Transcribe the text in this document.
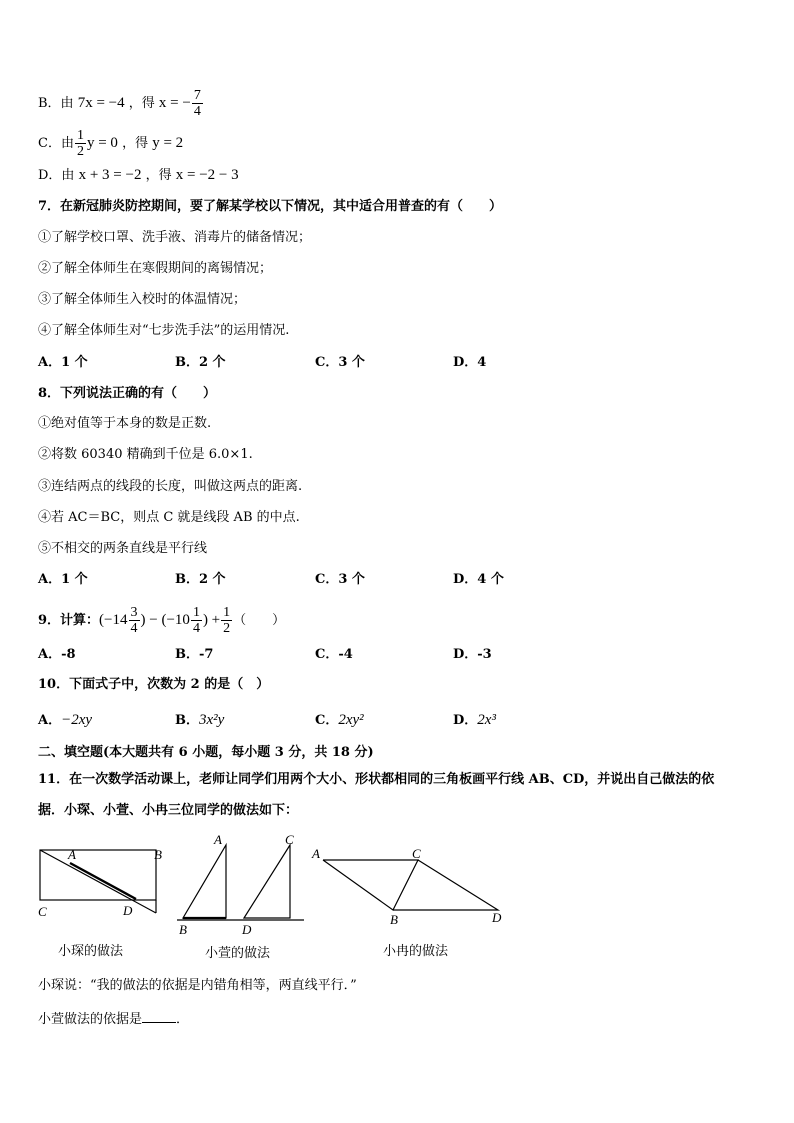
B．由 7x = −4 ，得 x = − $\frac{7}{4}$
C．由 $\frac{1}{2}$ y = 0 ，得 y = 2
D．由 x + 3 = −2 ，得 x = −2 − 3
7．在新冠肺炎防控期间，要了解某学校以下情况，其中适合用普查的有（　　）
①了解学校口罩、洗手液、消毒片的储备情况；
②了解全体师生在寒假期间的离锡情况；
③了解全体师生入校时的体温情况；
④了解全体师生对“七步洗手法”的运用情况.
A．1 个	B．2 个	C．3 个	D．4
8．下列说法正确的有（　　）
①绝对值等于本身的数是正数.
②将数 60340 精确到千位是 6.0×1.
③连结两点的线段的长度，叫做这两点的距离.
④若 AC＝BC，则点 C 就是线段 AB 的中点.
⑤不相交的两条直线是平行线
A．1 个	B．2 个	C．3 个	D．4 个
9．计算：($-14 \frac{3}{4}$ ) − ($-10 \frac{1}{4}$ ) + $\frac{1}{2}$ （　　）
A．-8	B．-7	C．-4	D．-3
10．下面式子中，次数为 2 的是（　）
A．−2xy	B．3x²y	C．2xy²	D．2x³
二、填空题(本大题共有 6 小题，每小题 3 分，共 18 分)
11．在一次数学活动课上，老师让同学们用两个大小、形状都相同的三角板画平行线 AB、CD，并说出自己做法的依
据．小琛、小萱、小冉三位同学的做法如下：
A	B
C	D
小琛的做法
A	C
B	D
小萱的做法
A	C
B	D
小冉的做法
小琛说：“我的做法的依据是内错角相等，两直线平行．”
小萱做法的依据是	．
